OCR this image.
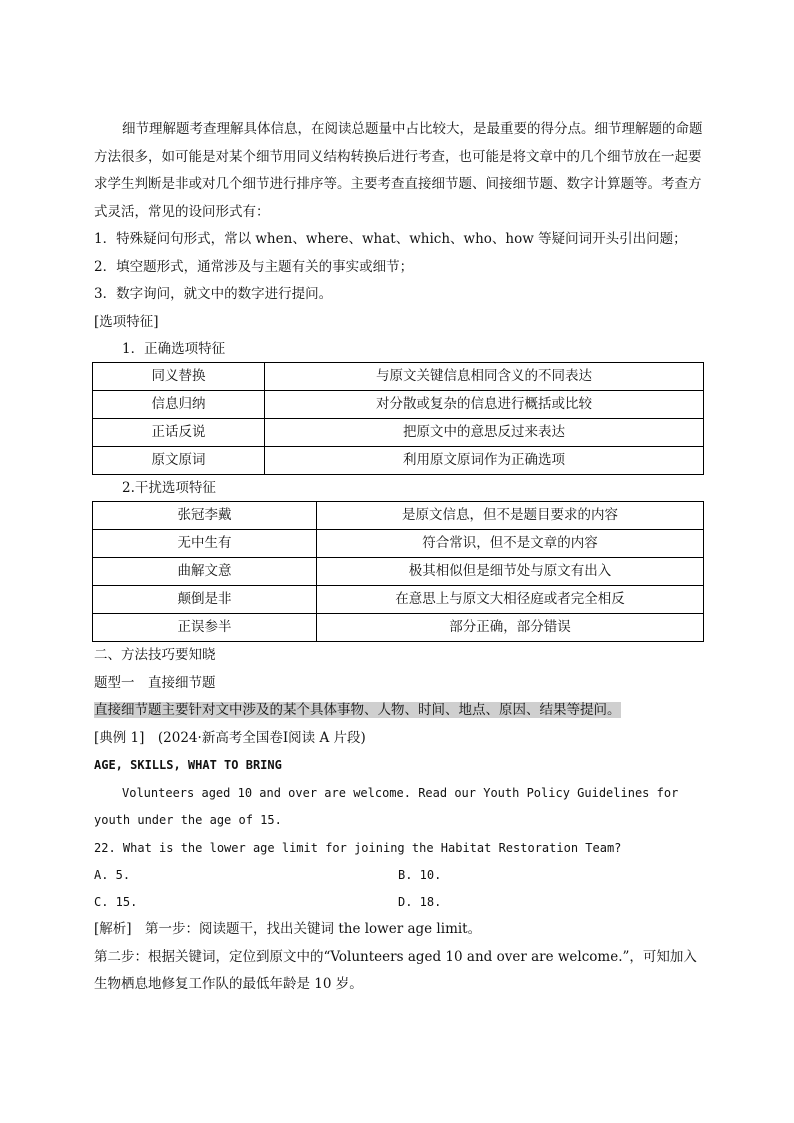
细节理解题考查理解具体信息，在阅读总题量中占比较大，是最重要的得分点。细节理解题的命题方法很多，如可能是对某个细节用同义结构转换后进行考查，也可能是将文章中的几个细节放在一起要求学生判断是非或对几个细节进行排序等。主要考查直接细节题、间接细节题、数字计算题等。考查方式灵活，常见的设问形式有：

1．特殊疑问句形式，常以 when、where、what、which、who、how 等疑问词开头引出问题；
2．填空题形式，通常涉及与主题有关的事实或细节；
3．数字询问，就文中的数字进行提问。
[选项特征]
1．正确选项特征
同义替换	与原文关键信息相同含义的不同表达
信息归纳	对分散或复杂的信息进行概括或比较
正话反说	把原文中的意思反过来表达
原文原词	利用原文原词作为正确选项
2.干扰选项特征
张冠李戴	是原文信息，但不是题目要求的内容
无中生有	符合常识，但不是文章的内容
曲解文意	极其相似但是细节处与原文有出入
颠倒是非	在意思上与原文大相径庭或者完全相反
正误参半	部分正确，部分错误
二、方法技巧要知晓
题型一　直接细节题
直接细节题主要针对文中涉及的某个具体事物、人物、时间、地点、原因、结果等提问。
[典例 1]　(2024·新高考全国卷Ⅰ阅读 A 片段)
AGE, SKILLS, WHAT TO BRING

Volunteers aged 10 and over are welcome. Read our Youth Policy Guidelines for youth under the age of 15.

22. What is the lower age limit for joining the Habitat Restoration Team?
A. 5.	B. 10.
C. 15.	D. 18.
[解析]　第一步：阅读题干，找出关键词 the lower age limit。

第二步：根据关键词，定位到原文中的“Volunteers aged 10 and over are welcome.”，可知加入生物栖息地修复工作队的最低年龄是 10 岁。
